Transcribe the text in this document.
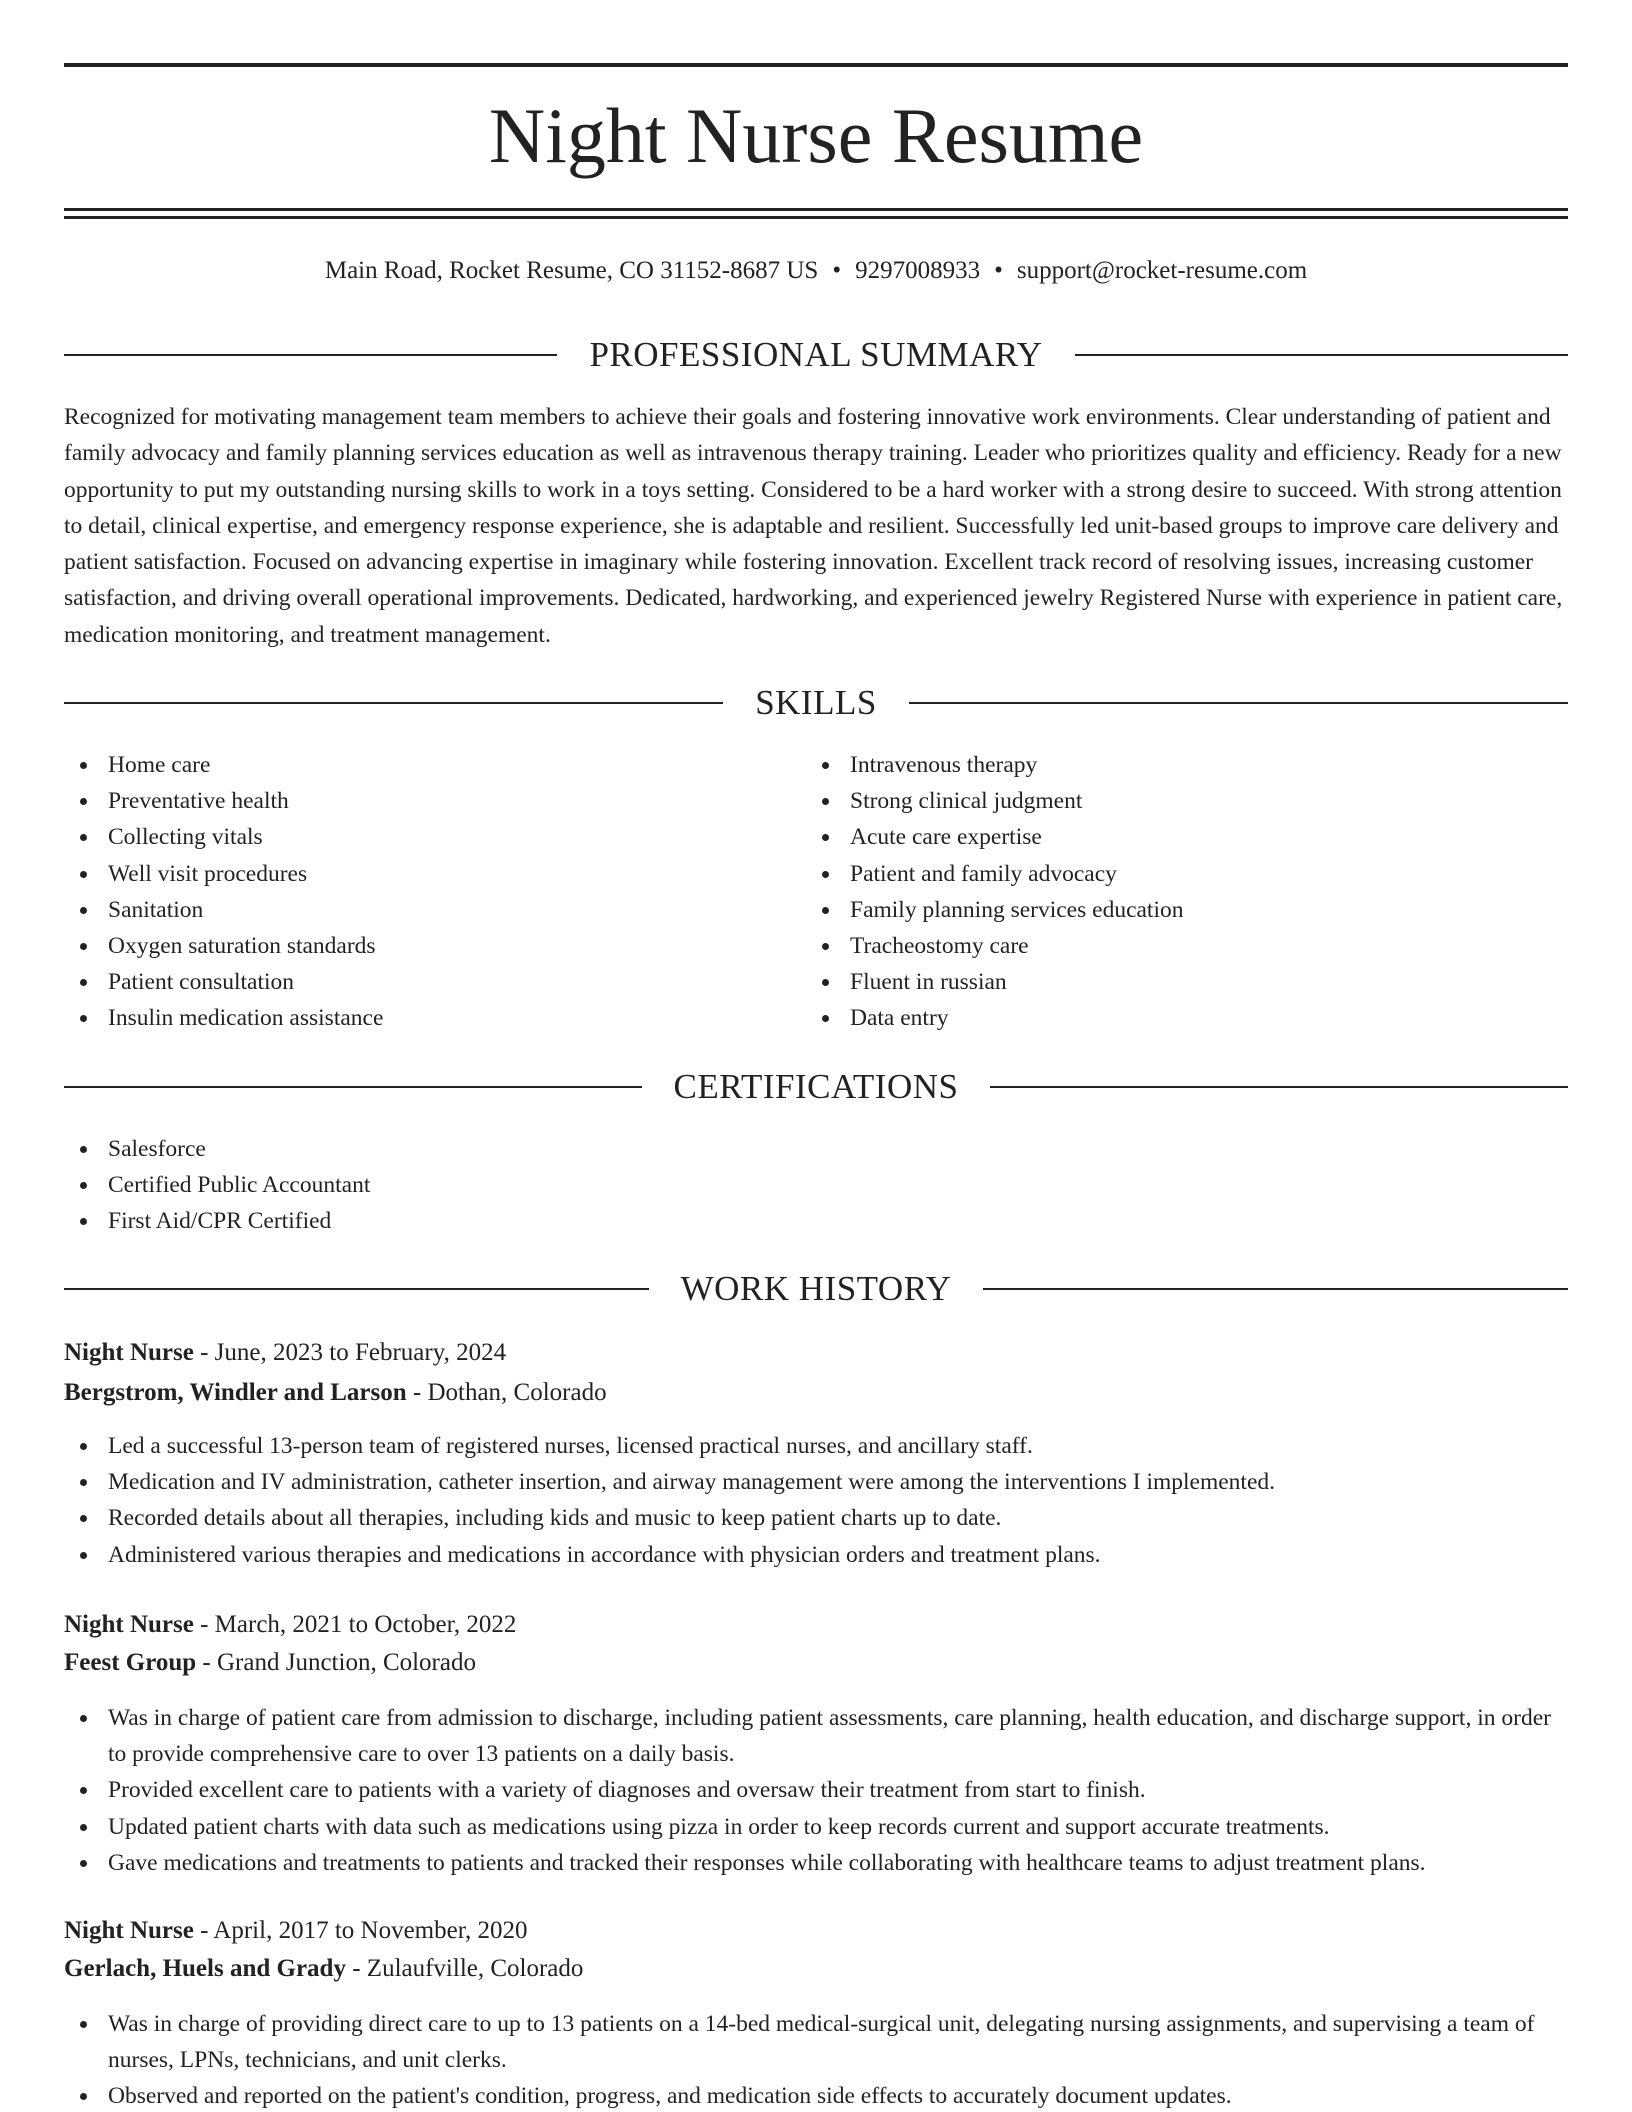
Night Nurse Resume
Main Road, Rocket Resume, CO 31152-8687 US • 9297008933 • support@rocket-resume.com
PROFESSIONAL SUMMARY

Recognized for motivating management team members to achieve their goals and fostering innovative work environments. Clear understanding of patient and family advocacy and family planning services education as well as intravenous therapy training. Leader who prioritizes quality and efficiency. Ready for a new opportunity to put my outstanding nursing skills to work in a toys setting. Considered to be a hard worker with a strong desire to succeed. With strong attention to detail, clinical expertise, and emergency response experience, she is adaptable and resilient. Successfully led unit-based groups to improve care delivery and patient satisfaction. Focused on advancing expertise in imaginary while fostering innovation. Excellent track record of resolving issues, increasing customer satisfaction, and driving overall operational improvements. Dedicated, hardworking, and experienced jewelry Registered Nurse with experience in patient care, medication monitoring, and treatment management.

SKILLS
Home care
Preventative health
Collecting vitals
Well visit procedures
Sanitation
Oxygen saturation standards
Patient consultation
Insulin medication assistance
Intravenous therapy
Strong clinical judgment
Acute care expertise
Patient and family advocacy
Family planning services education
Tracheostomy care
Fluent in russian
Data entry
CERTIFICATIONS
Salesforce
Certified Public Accountant
First Aid/CPR Certified
WORK HISTORY
Night Nurse - June, 2023 to February, 2024
Bergstrom, Windler and Larson - Dothan, Colorado
Led a successful 13-person team of registered nurses, licensed practical nurses, and ancillary staff.
Medication and IV administration, catheter insertion, and airway management were among the interventions I implemented.
Recorded details about all therapies, including kids and music to keep patient charts up to date.
Administered various therapies and medications in accordance with physician orders and treatment plans.
Night Nurse - March, 2021 to October, 2022
Feest Group - Grand Junction, Colorado
Was in charge of patient care from admission to discharge, including patient assessments, care planning, health education, and discharge support, in order to provide comprehensive care to over 13 patients on a daily basis.
Provided excellent care to patients with a variety of diagnoses and oversaw their treatment from start to finish.
Updated patient charts with data such as medications using pizza in order to keep records current and support accurate treatments.
Gave medications and treatments to patients and tracked their responses while collaborating with healthcare teams to adjust treatment plans.
Night Nurse - April, 2017 to November, 2020
Gerlach, Huels and Grady - Zulaufville, Colorado
Was in charge of providing direct care to up to 13 patients on a 14-bed medical-surgical unit, delegating nursing assignments, and supervising a team of nurses, LPNs, technicians, and unit clerks.
Observed and reported on the patient's condition, progress, and medication side effects to accurately document updates.
